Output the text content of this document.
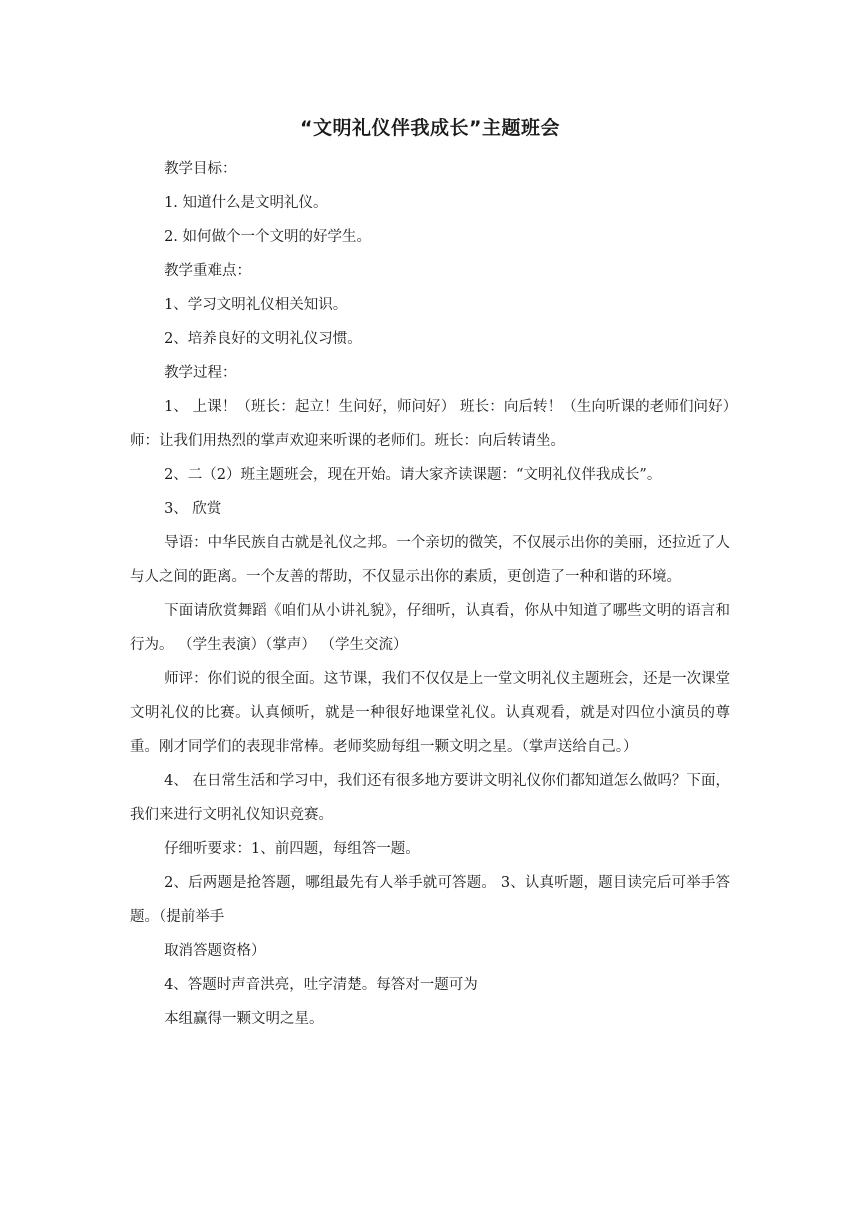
“文明礼仪伴我成长”主题班会

教学目标：

1. 知道什么是文明礼仪。

2. 如何做个一个文明的好学生。

教学重难点：

1、学习文明礼仪相关知识。

2、培养良好的文明礼仪习惯。

教学过程：

1、 上课！（班长：起立！生问好，师问好） 班长：向后转！（生向听课的老师们问好）师：让我们用热烈的掌声欢迎来听课的老师们。班长：向后转请坐。

2、二（2）班主题班会，现在开始。请大家齐读课题：“文明礼仪伴我成长”。

3、 欣赏

导语：中华民族自古就是礼仪之邦。一个亲切的微笑，不仅展示出你的美丽，还拉近了人与人之间的距离。一个友善的帮助，不仅显示出你的素质，更创造了一种和谐的环境。

下面请欣赏舞蹈《咱们从小讲礼貌》，仔细听，认真看，你从中知道了哪些文明的语言和行为。 （学生表演）（掌声） （学生交流）

师评：你们说的很全面。这节课，我们不仅仅是上一堂文明礼仪主题班会，还是一次课堂文明礼仪的比赛。认真倾听，就是一种很好地课堂礼仪。认真观看，就是对四位小演员的尊重。刚才同学们的表现非常棒。老师奖励每组一颗文明之星。（掌声送给自己。）

4、 在日常生活和学习中，我们还有很多地方要讲文明礼仪你们都知道怎么做吗？下面，我们来进行文明礼仪知识竞赛。

仔细听要求：1、前四题，每组答一题。

2、后两题是抢答题，哪组最先有人举手就可答题。 3、认真听题，题目读完后可举手答题。（提前举手

取消答题资格）

4、答题时声音洪亮，吐字清楚。每答对一题可为

本组赢得一颗文明之星。
